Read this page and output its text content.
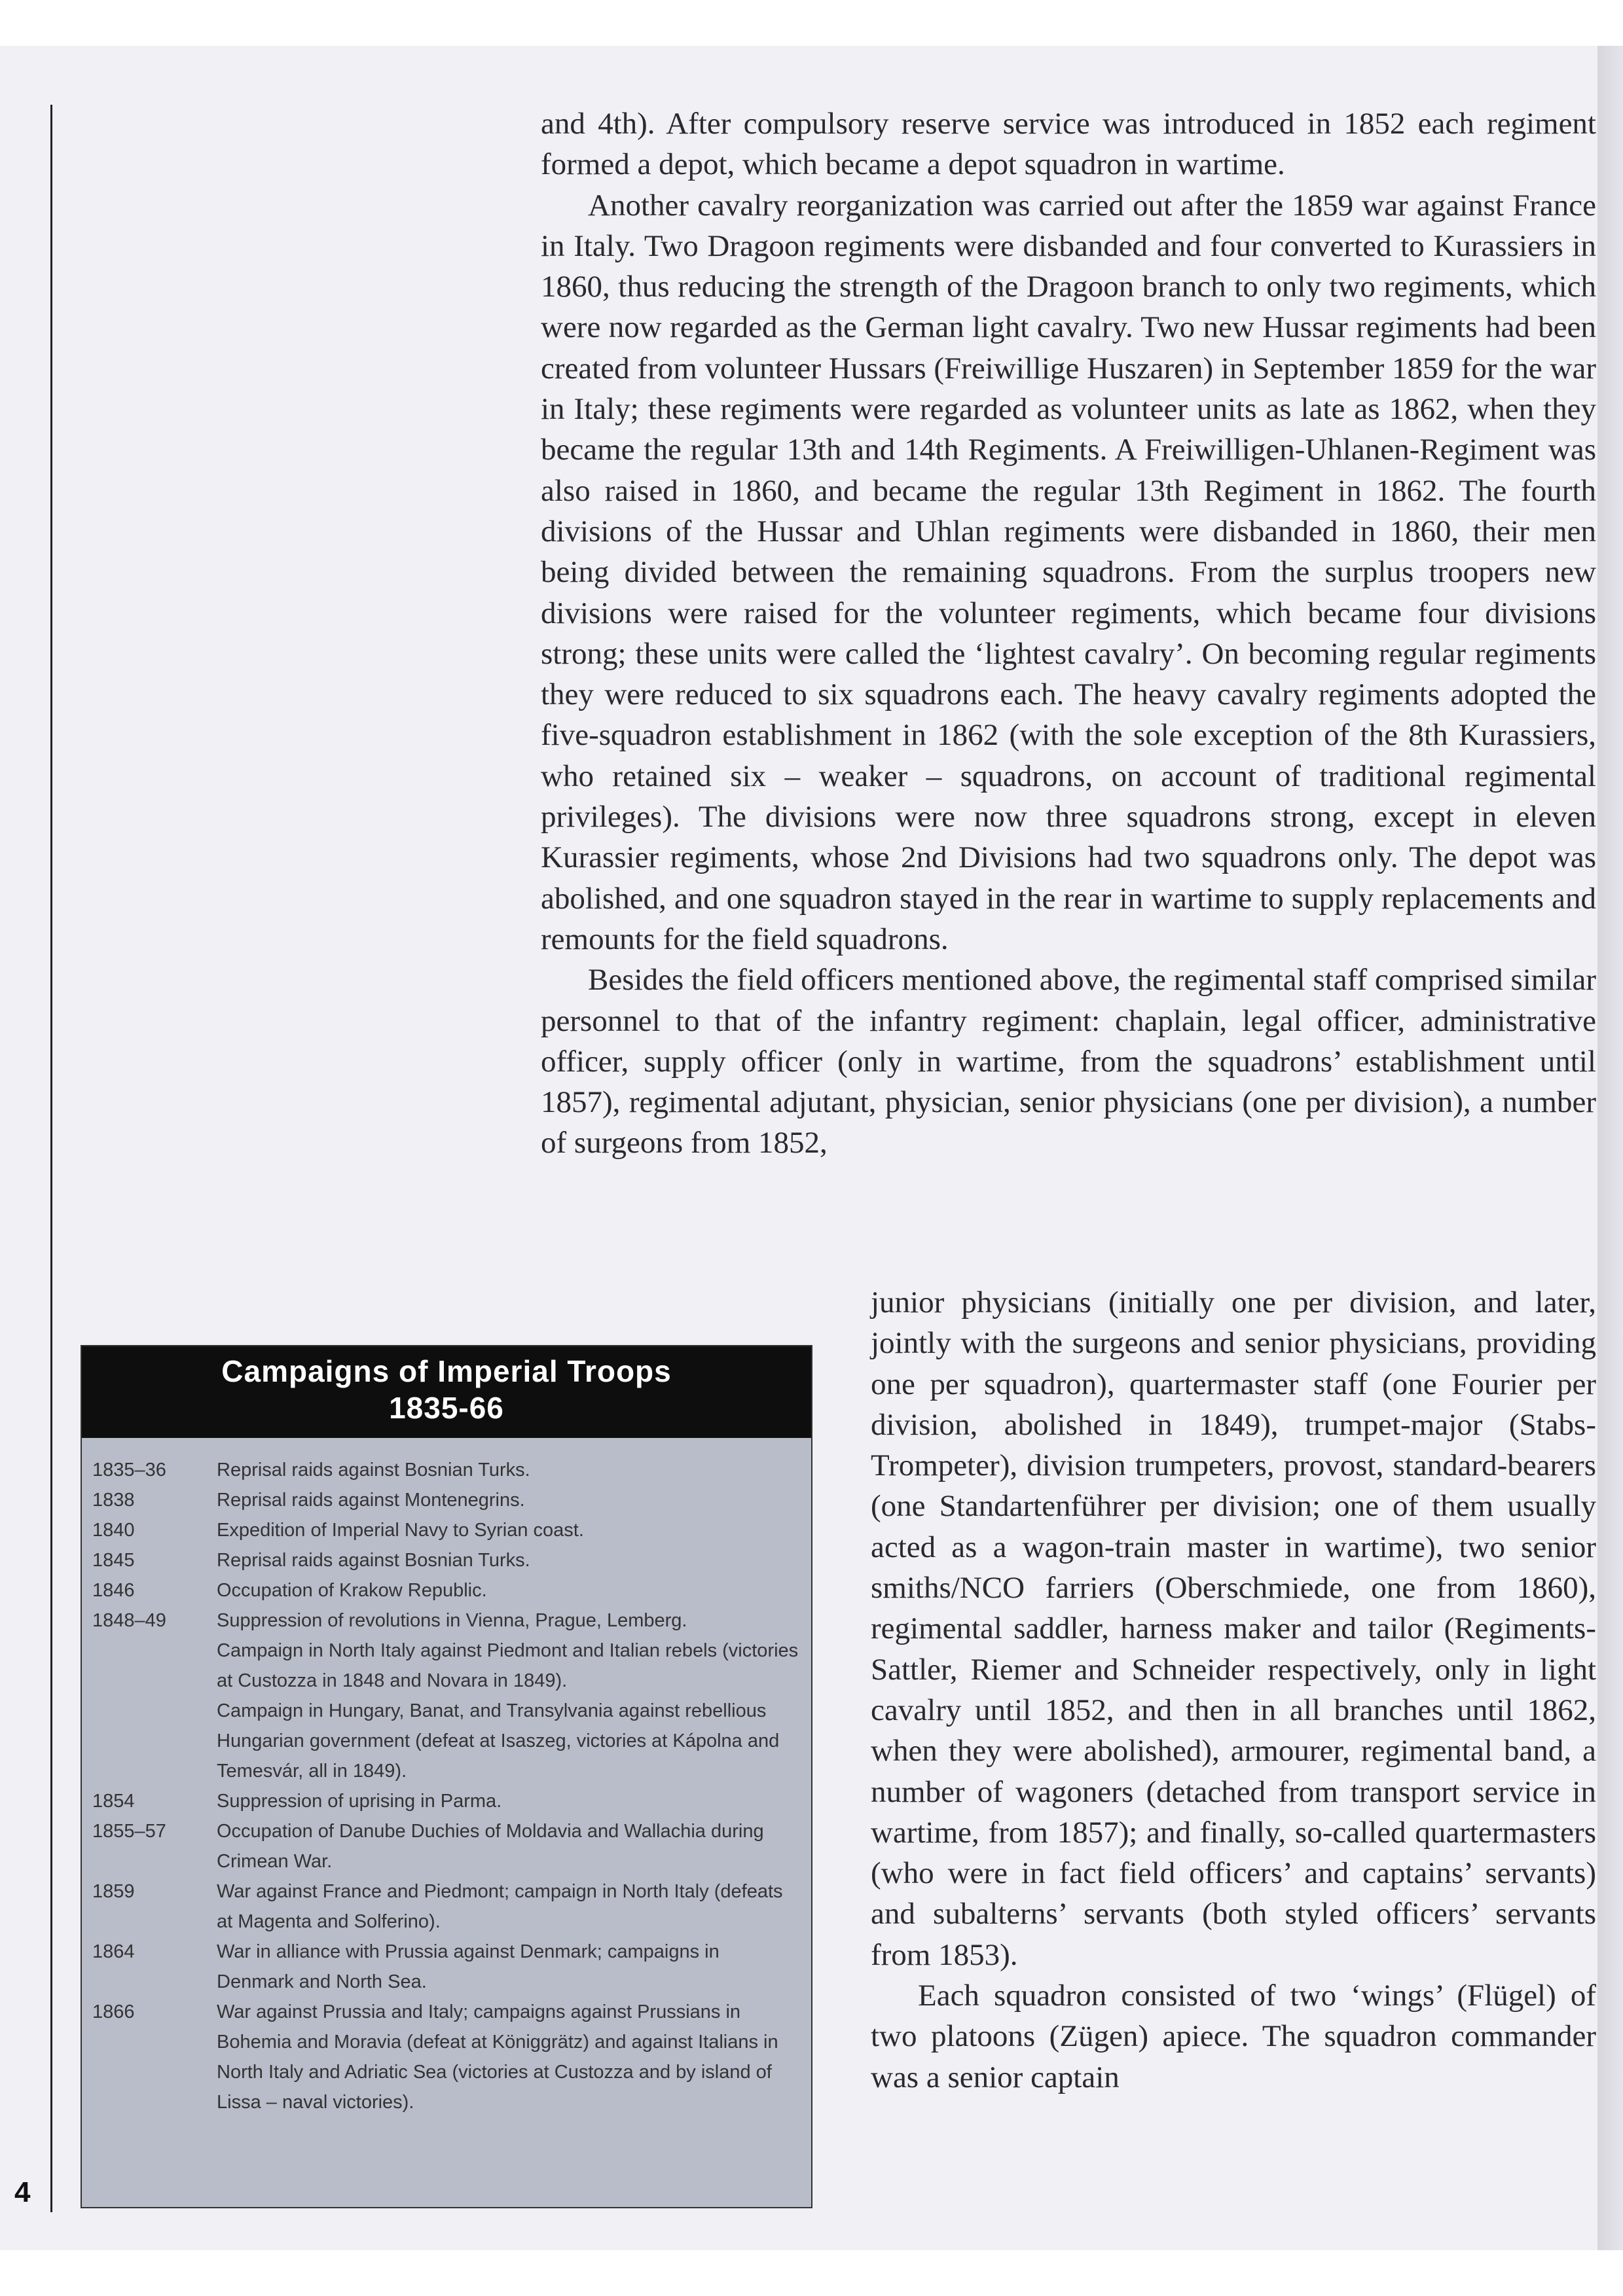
and 4th). After compulsory reserve service was introduced in 1852 each regiment formed a depot, which became a depot squadron in wartime.

Another cavalry reorganization was carried out after the 1859 war against France in Italy. Two Dragoon regiments were disbanded and four converted to Kurassiers in 1860, thus reducing the strength of the Dragoon branch to only two regiments, which were now regarded as the German light cavalry. Two new Hussar regiments had been created from volunteer Hussars (Freiwillige Huszaren) in September 1859 for the war in Italy; these regiments were regarded as volunteer units as late as 1862, when they became the regular 13th and 14th Regiments. A Freiwilligen-Uhlanen-Regiment was also raised in 1860, and became the regular 13th Regiment in 1862. The fourth divisions of the Hussar and Uhlan regiments were disbanded in 1860, their men being divided between the remaining squadrons. From the surplus troopers new divisions were raised for the volunteer regiments, which became four divisions strong; these units were called the ‘lightest cavalry’. On becoming regular regiments they were reduced to six squadrons each. The heavy cavalry regiments adopted the five-squadron establishment in 1862 (with the sole exception of the 8th Kurassiers, who retained six – weaker – squadrons, on account of traditional regimental privileges). The divisions were now three squadrons strong, except in eleven Kurassier regiments, whose 2nd Divisions had two squadrons only. The depot was abolished, and one squadron stayed in the rear in wartime to supply replacements and remounts for the field squadrons.

Besides the field officers mentioned above, the regimental staff comprised similar personnel to that of the infantry regiment: chaplain, legal officer, administrative officer, supply officer (only in wartime, from the squadrons’ establishment until 1857), regimental adjutant, physician, senior physicians (one per division), a number of surgeons from 1852,

junior physicians (initially one per division, and later, jointly with the surgeons and senior physicians, providing one per squadron), quartermaster staff (one Fourier per division, abolished in 1849), trumpet-major (Stabs-Trompeter), division trumpeters, provost, standard-bearers (one Standartenführer per division; one of them usually acted as a wagon-train master in wartime), two senior smiths/NCO farriers (Oberschmiede, one from 1860), regimental saddler, harness maker and tailor (Regiments-Sattler, Riemer and Schneider respectively, only in light cavalry until 1852, and then in all branches until 1862, when they were abolished), armourer, regimental band, a number of wagoners (detached from transport service in wartime, from 1857); and finally, so-called quartermasters (who were in fact field officers’ and captains’ servants) and subalterns’ servants (both styled officers’ servants from 1853).

Each squadron consisted of two ‘wings’ (Flügel) of two platoons (Zügen) apiece. The squadron commander was a senior captain

Campaigns of Imperial Troops
1835-66
1835–36	Reprisal raids against Bosnian Turks.
1838	Reprisal raids against Montenegrins.
1840	Expedition of Imperial Navy to Syrian coast.
1845	Reprisal raids against Bosnian Turks.
1846	Occupation of Krakow Republic.
1848–49	Suppression of revolutions in Vienna, Prague, Lemberg.
Campaign in North Italy against Piedmont and Italian rebels (victories at Custozza in 1848 and Novara in 1849).
Campaign in Hungary, Banat, and Transylvania against rebellious Hungarian government (defeat at Isaszeg, victories at Kápolna and Temesvár, all in 1849).
1854	Suppression of uprising in Parma.
1855–57	Occupation of Danube Duchies of Moldavia and Wallachia during Crimean War.
1859	War against France and Piedmont; campaign in North Italy (defeats at Magenta and Solferino).
1864	War in alliance with Prussia against Denmark; campaigns in Denmark and North Sea.
1866	War against Prussia and Italy; campaigns against Prussians in Bohemia and Moravia (defeat at Königgrätz) and against Italians in North Italy and Adriatic Sea (victories at Custozza and by island of Lissa – naval victories).
4
